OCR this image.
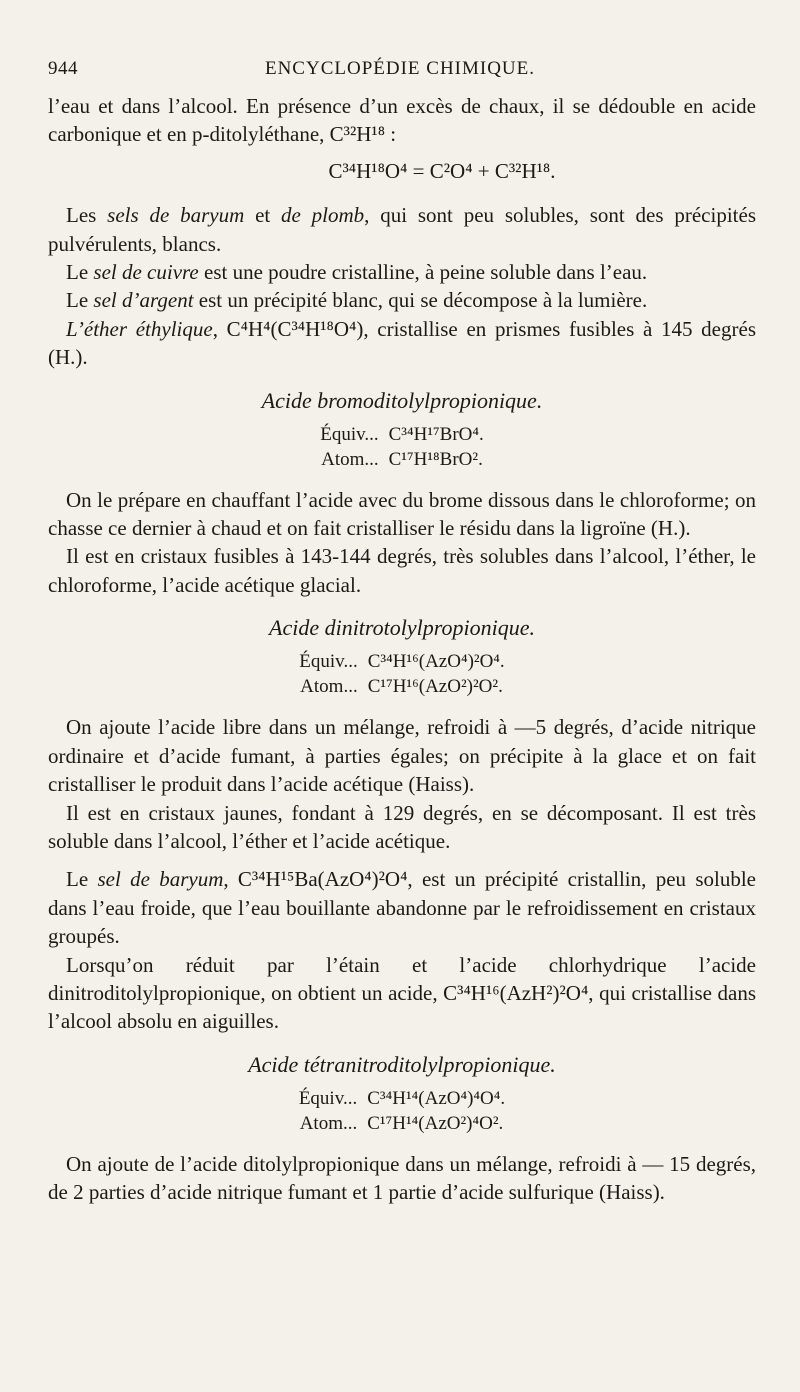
944	ENCYCLOPÉDIE CHIMIQUE.

l’eau et dans l’alcool. En présence d’un excès de chaux, il se dédouble en acide carbonique et en p-ditolyléthane, C³²H¹⁸ :

C³⁴H¹⁸O⁴ = C²O⁴ + C³²H¹⁸.

Les sels de baryum et de plomb, qui sont peu solubles, sont des précipités pulvérulents, blancs.

Le sel de cuivre est une poudre cristalline, à peine soluble dans l’eau.

Le sel d’argent est un précipité blanc, qui se décompose à la lumière.

L’éther éthylique, C⁴H⁴(C³⁴H¹⁸O⁴), cristallise en prismes fusibles à 145 degrés (H.).

Acide bromoditolylpropionique.
Équiv...	C³⁴H¹⁷BrO⁴.
Atom...	C¹⁷H¹⁸BrO².

On le prépare en chauffant l’acide avec du brome dissous dans le chloroforme; on chasse ce dernier à chaud et on fait cristalliser le résidu dans la ligroïne (H.).

Il est en cristaux fusibles à 143-144 degrés, très solubles dans l’alcool, l’éther, le chloroforme, l’acide acétique glacial.

Acide dinitrotolylpropionique.
Équiv...	C³⁴H¹⁶(AzO⁴)²O⁴.
Atom...	C¹⁷H¹⁶(AzO²)²O².

On ajoute l’acide libre dans un mélange, refroidi à —5 degrés, d’acide nitrique ordinaire et d’acide fumant, à parties égales; on précipite à la glace et on fait cristalliser le produit dans l’acide acétique (Haiss).

Il est en cristaux jaunes, fondant à 129 degrés, en se décomposant. Il est très soluble dans l’alcool, l’éther et l’acide acétique.

Le sel de baryum, C³⁴H¹⁵Ba(AzO⁴)²O⁴, est un précipité cristallin, peu soluble dans l’eau froide, que l’eau bouillante abandonne par le refroidissement en cristaux groupés.

Lorsqu’on réduit par l’étain et l’acide chlorhydrique l’acide dinitroditolylpropionique, on obtient un acide, C³⁴H¹⁶(AzH²)²O⁴, qui cristallise dans l’alcool absolu en aiguilles.

Acide tétranitroditolylpropionique.
Équiv...	C³⁴H¹⁴(AzO⁴)⁴O⁴.
Atom...	C¹⁷H¹⁴(AzO²)⁴O².

On ajoute de l’acide ditolylpropionique dans un mélange, refroidi à — 15 degrés, de 2 parties d’acide nitrique fumant et 1 partie d’acide sulfurique (Haiss).
